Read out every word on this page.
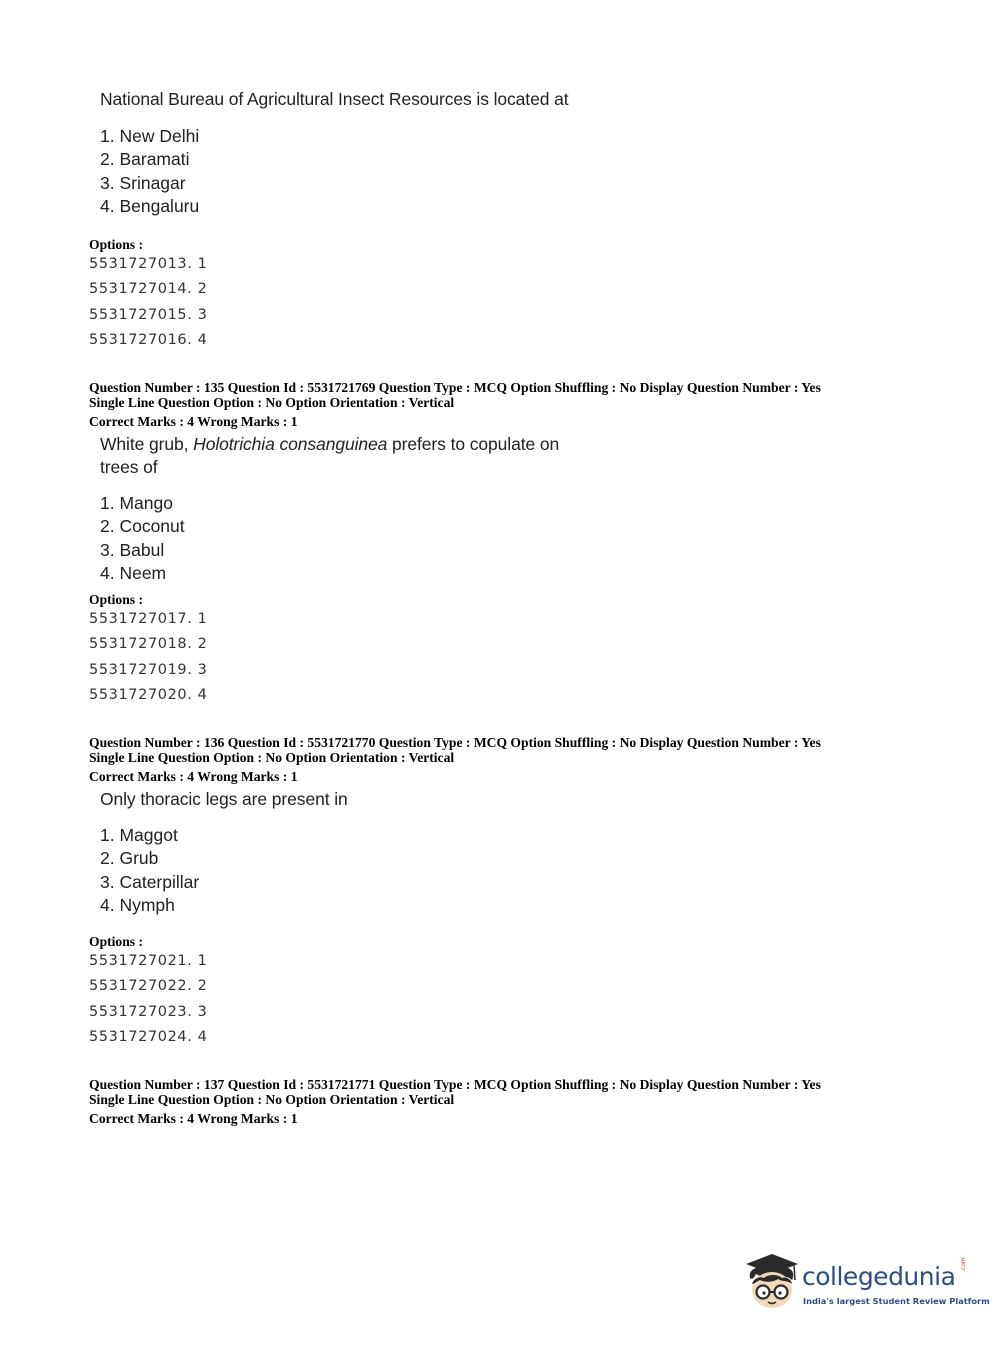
National Bureau of Agricultural Insect Resources is located at
1. New Delhi
2. Baramati
3. Srinagar
4. Bengaluru
Options :
5531727013. 1
5531727014. 2
5531727015. 3
5531727016. 4
Question Number : 135 Question Id : 5531721769 Question Type : MCQ Option Shuffling : No Display Question Number : Yes
Single Line Question Option : No Option Orientation : Vertical
Correct Marks : 4 Wrong Marks : 1
White grub, Holotrichia consanguinea prefers to copulate on
trees of
1. Mango
2. Coconut
3. Babul
4. Neem
Options :
5531727017. 1
5531727018. 2
5531727019. 3
5531727020. 4
Question Number : 136 Question Id : 5531721770 Question Type : MCQ Option Shuffling : No Display Question Number : Yes
Single Line Question Option : No Option Orientation : Vertical
Correct Marks : 4 Wrong Marks : 1
Only thoracic legs are present in
1. Maggot
2. Grub
3. Caterpillar
4. Nymph
Options :
5531727021. 1
5531727022. 2
5531727023. 3
5531727024. 4
Question Number : 137 Question Id : 5531721771 Question Type : MCQ Option Shuffling : No Display Question Number : Yes
Single Line Question Option : No Option Orientation : Vertical
Correct Marks : 4 Wrong Marks : 1
collegedunia .com
India's largest Student Review Platform
